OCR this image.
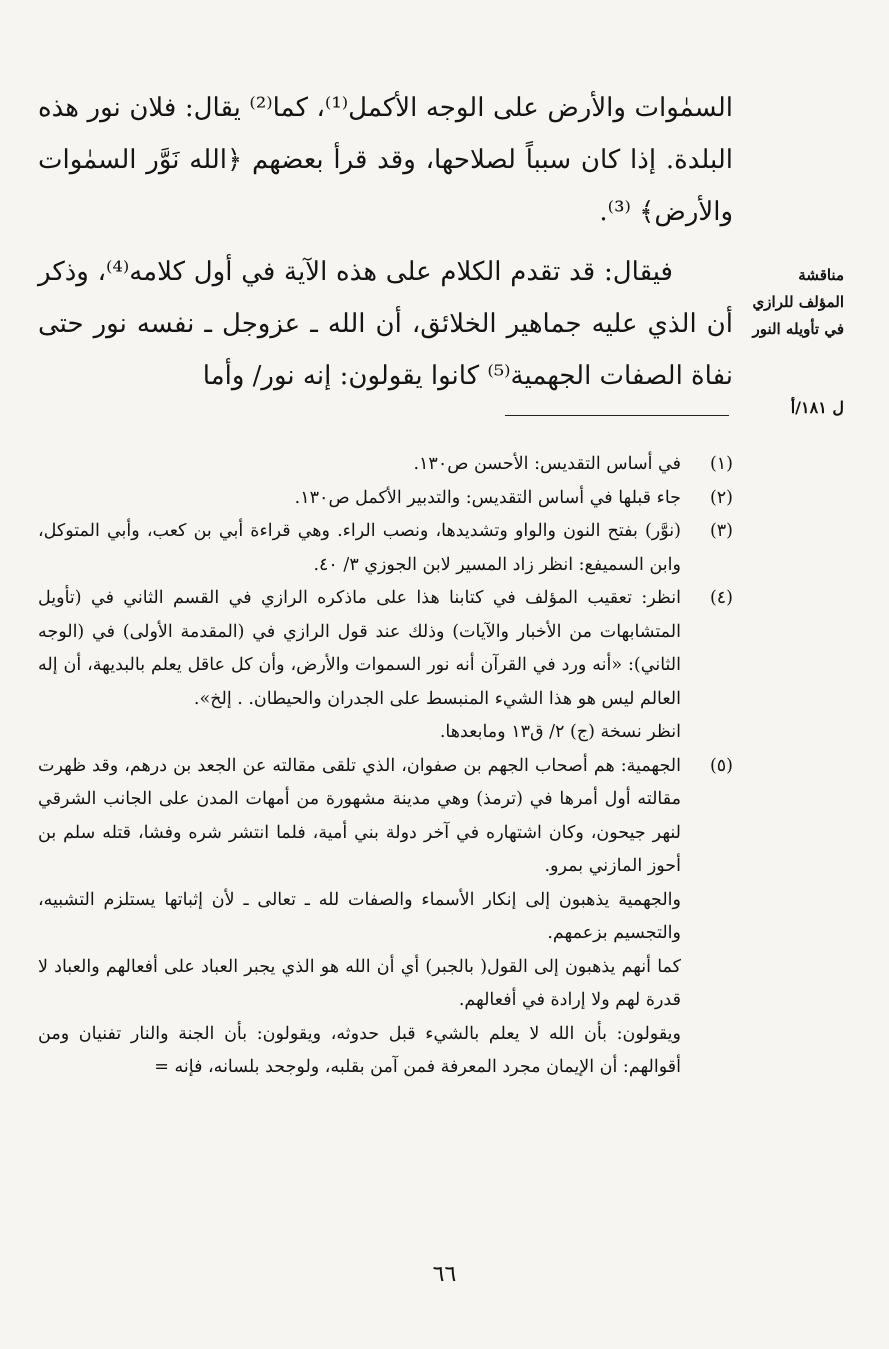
السمٰوات والأرض على الوجه الأكمل⁽¹⁾، كما⁽²⁾ يقال: فلان نور هذه البلدة. إذا كان سبباً لصلاحها، وقد قرأ بعضهم ﴿الله نَوَّر السمٰوات والأرض﴾ ⁽³⁾.

فيقال: قد تقدم الكلام على هذه الآية في أول كلامه⁽⁴⁾، وذكر أن الذي عليه جماهير الخلائق، أن الله ـ عزوجل ـ نفسه نور حتى نفاة الصفات الجهمية⁽⁵⁾ كانوا يقولون: إنه نور/ وأما

مناقشة المؤلف للرازي في تأويله النور
ل ١٨١/أ
(١)

في أساس التقديس: الأحسن ص١٣٠.

(٢)

جاء قبلها في أساس التقديس: والتدبير الأكمل ص١٣٠.

(٣)

(نوَّر) بفتح النون والواو وتشديدها، ونصب الراء. وهي قراءة أبي بن كعب، وأبي المتوكل، وابن السميفع: انظر زاد المسير لابن الجوزي ٣/ ٤٠.

(٤)

انظر: تعقيب المؤلف في كتابنا هذا على ماذكره الرازي في القسم الثاني في (تأويل المتشابهات من الأخبار والآيات) وذلك عند قول الرازي في (المقدمة الأولى) في (الوجه الثاني): «أنه ورد في القرآن أنه نور السموات والأرض، وأن كل عاقل يعلم بالبديهة، أن إله العالم ليس هو هذا الشيء المنبسط على الجدران والحيطان. . إلخ».

انظر نسخة (ج) ٢/ ق١٣ ومابعدها.

(٥)

الجهمية: هم أصحاب الجهم بن صفوان، الذي تلقى مقالته عن الجعد بن درهم، وقد ظهرت مقالته أول أمرها في (ترمذ) وهي مدينة مشهورة من أمهات المدن على الجانب الشرقي لنهر جيحون، وكان اشتهاره في آخر دولة بني أمية، فلما انتشر شره وفشا، قتله سلم بن أحوز المازني بمرو.

والجهمية يذهبون إلى إنكار الأسماء والصفات لله ـ تعالى ـ لأن إثباتها يستلزم التشبيه، والتجسيم بزعمهم.

كما أنهم يذهبون إلى القول( بالجبر) أي أن الله هو الذي يجبر العباد على أفعالهم والعباد لا قدرة لهم ولا إرادة في أفعالهم.

ويقولون: بأن الله لا يعلم بالشيء قبل حدوثه، ويقولون: بأن الجنة والنار تفنيان ومن أقوالهم: أن الإيمان مجرد المعرفة فمن آمن بقلبه، ولوجحد بلسانه، فإنه =

٦٦
